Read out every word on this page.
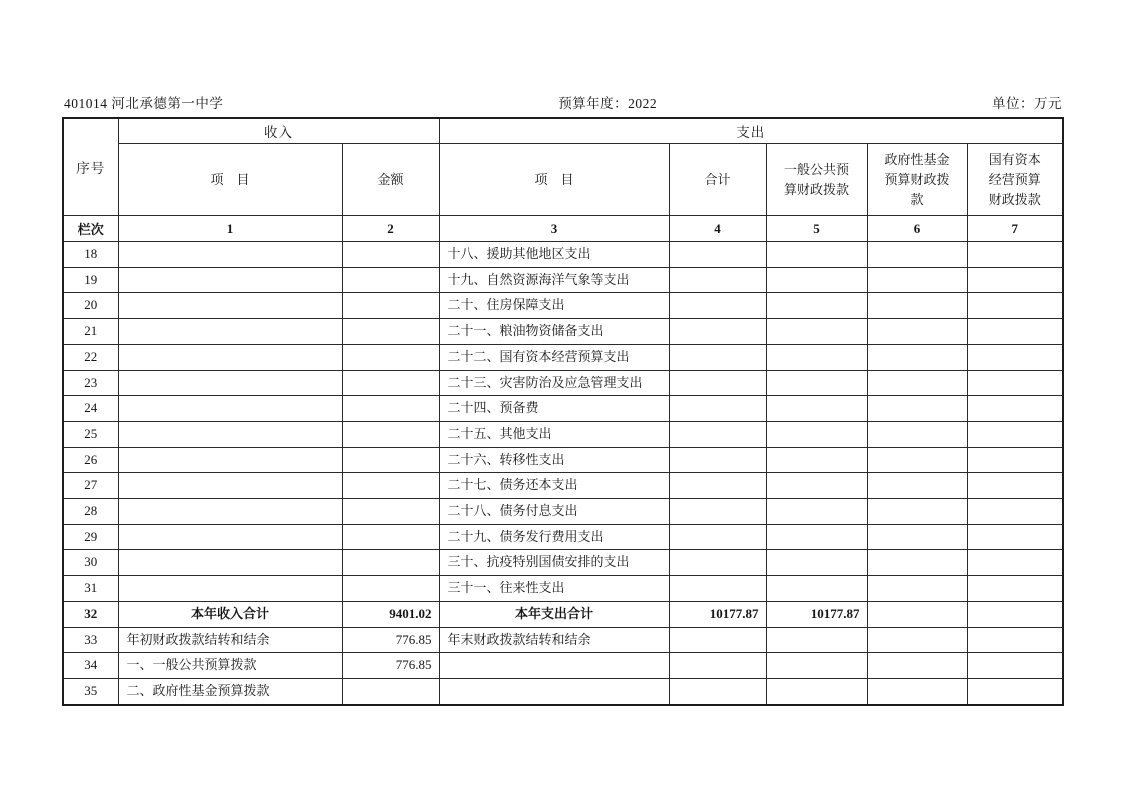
401014 河北承德第一中学	预算年度：2022	单位：万元
序号	收入		支出				
	项　目	金额	项　目	合计	一般公共预算财政拨款	政府性基金预算财政拨款	国有资本经营预算财政拨款
栏次	1	2	3	4	5	6	7
18			十八、援助其他地区支出				
19			十九、自然资源海洋气象等支出				
20			二十、住房保障支出				
21			二十一、粮油物资储备支出				
22			二十二、国有资本经营预算支出				
23			二十三、灾害防治及应急管理支出				
24			二十四、预备费				
25			二十五、其他支出				
26			二十六、转移性支出				
27			二十七、债务还本支出				
28			二十八、债务付息支出				
29			二十九、债务发行费用支出				
30			三十、抗疫特别国债安排的支出				
31			三十一、往来性支出				
32	本年收入合计	9401.02	本年支出合计	10177.87	10177.87		
33	年初财政拨款结转和结余	776.85	年末财政拨款结转和结余				
34	一、一般公共预算拨款	776.85					
35	二、政府性基金预算拨款						
